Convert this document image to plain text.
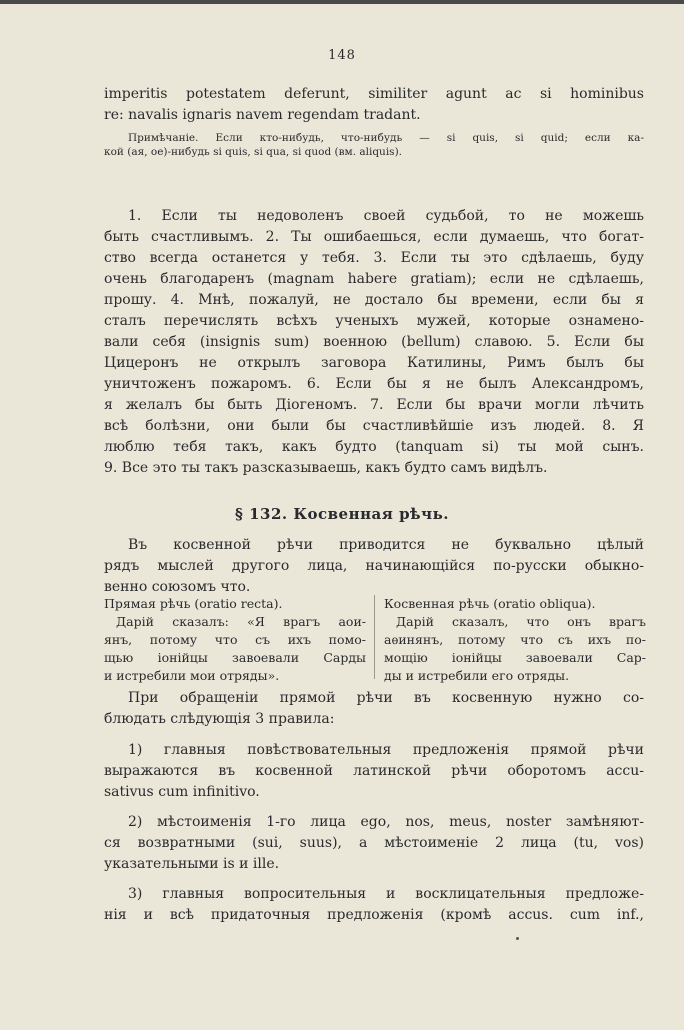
148
imperitis potestatem deferunt, similiter agunt ac si hominibus
re: navalis ignaris navem regendam tradant.
Примѣчаніе. Если кто-нибудь, что-нибудь — si quis, si quid; если ка-
кой (ая, ое)-нибудь si quis, si qua, si quod (вм. aliquis).
1. Если ты недоволенъ своей судьбой, то не можешь
быть счастливымъ. 2. Ты ошибаешься, если думаешь, что богат-
ство всегда останется у тебя. 3. Если ты это сдѣлаешь, буду
очень благодаренъ (magnam habere gratiam); если не сдѣлаешь,
прошу. 4. Мнѣ, пожалуй, не достало бы времени, если бы я
сталъ перечислять всѣхъ ученыхъ мужей, которые ознамено-
вали себя (insignis sum) военною (bellum) славою. 5. Если бы
Цицеронъ не открылъ заговора Катилины, Римъ былъ бы
уничтоженъ пожаромъ. 6. Если бы я не былъ Александромъ,
я желалъ бы быть Діогеномъ. 7. Если бы врачи могли лѣчить
всѣ болѣзни, они были бы счастливѣйшіе изъ людей. 8. Я
люблю тебя такъ, какъ будто (tanquam si) ты мой сынъ.
9. Все это ты такъ разсказываешь, какъ будто самъ видѣлъ.
§ 132. Косвенная рѣчь.
Въ косвенной рѣчи приводится не буквально цѣлый
рядъ мыслей другого лица, начинающійся по-русски обыкно-
венно союзомъ что.
Прямая рѣчь (oratio recta).
Дарій сказалъ: «Я врагъ аои-
янъ, потому что съ ихъ помо-
щью іонійцы завоевали Сарды
и истребили мои отряды».
Косвенная рѣчь (oratio obliqua).
Дарій сказалъ, что онъ врагъ
аѳинянъ, потому что съ ихъ по-
мощію іонійцы завоевали Сар-
ды и истребили его отряды.
При обращеніи прямой рѣчи въ косвенную нужно со-
блюдать слѣдующія 3 правила:
1) главныя повѣствовательныя предложенія прямой рѣчи
выражаются въ косвенной латинской рѣчи оборотомъ accu-
sativus cum infinitivo.
2) мѣстоименія 1-го лица ego, nos, meus, noster замѣняют-
ся возвратными (sui, suus), а мѣстоименіе 2 лица (tu, vos)
указательными is и ille.
3) главныя вопросительныя и восклицательныя предложе-
нія и всѣ придаточныя предложенія (кромѣ accus. cum inf.,
